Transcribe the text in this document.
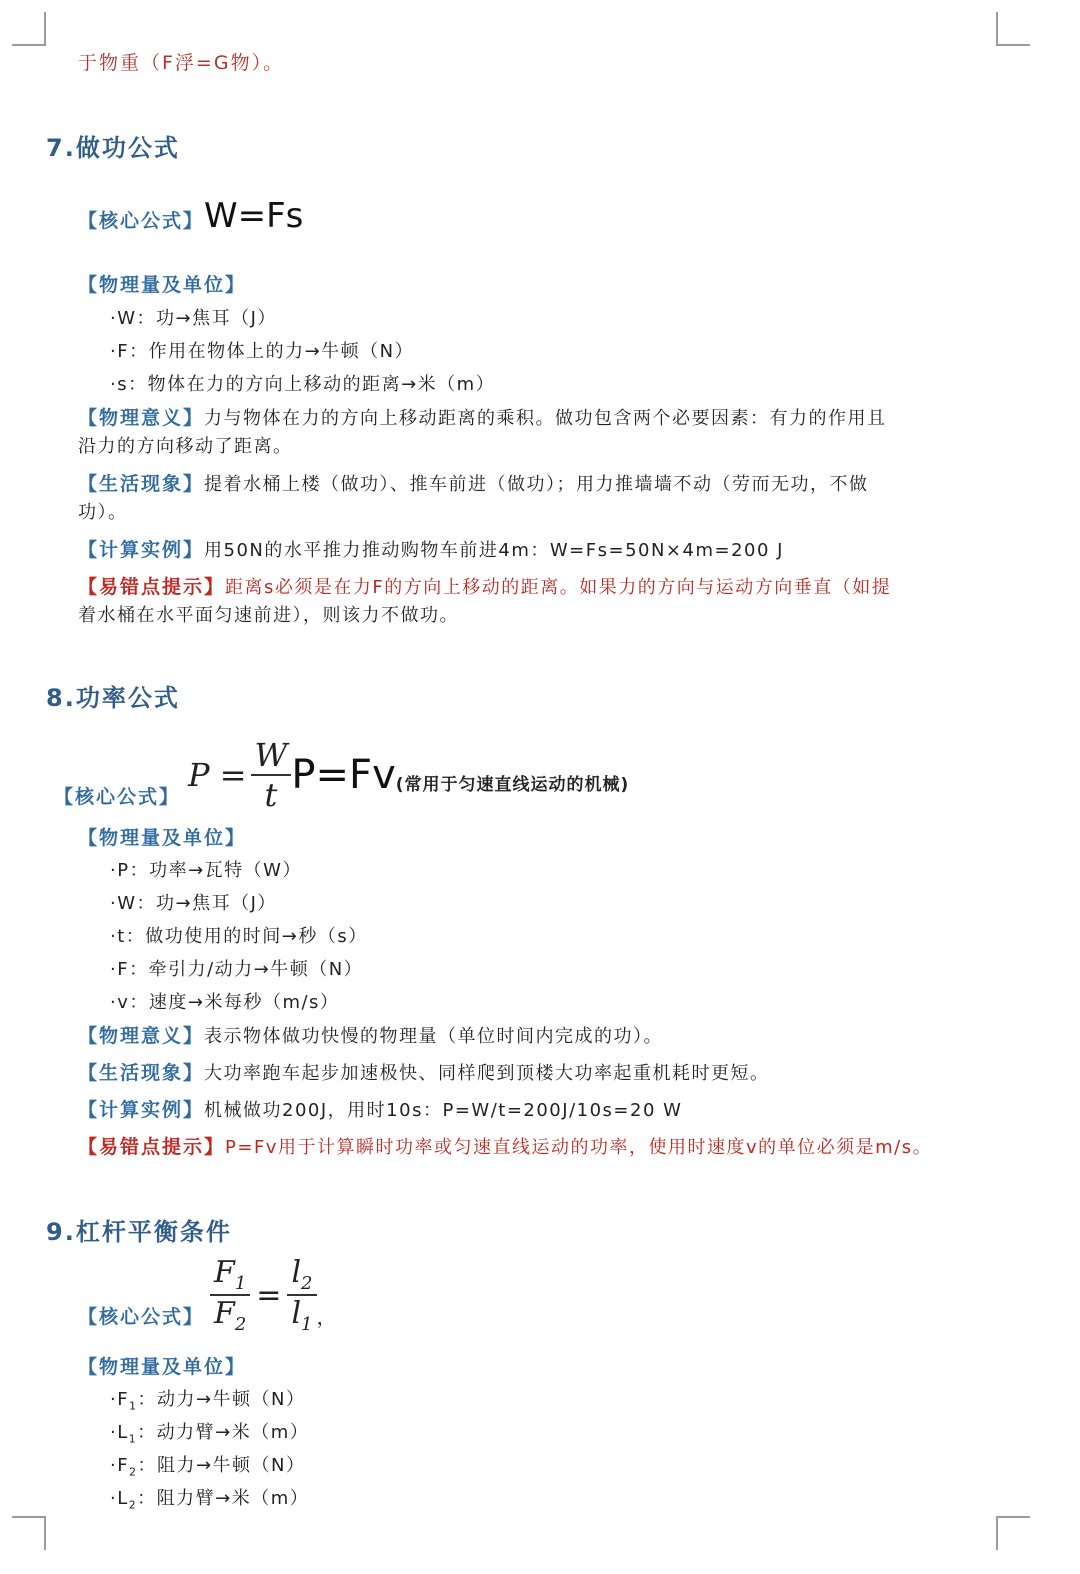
于物重（F浮=G物）。
7.做功公式
【核心公式】W=Fs
【物理量及单位】
·W：功→焦耳（J）
·F：作用在物体上的力→牛顿（N）
·s：物体在力的方向上移动的距离→米（m）
【物理意义】力与物体在力的方向上移动距离的乘积。做功包含两个必要因素：有力的作用且
沿力的方向移动了距离。
【生活现象】提着水桶上楼（做功）、推车前进（做功）；用力推墙墙不动（劳而无功，不做
功）。
【计算实例】用50N的水平推力推动购物车前进4m：W=Fs=50N×4m=200 J
【易错点提示】距离s必须是在力F的方向上移动的距离。如果力的方向与运动方向垂直（如提
着水桶在水平面匀速前进），则该力不做功。
8.功率公式
【核心公式】
$P = \frac{W}{t} P=Fv$ (常用于匀速直线运动的机械)
【物理量及单位】
·P：功率→瓦特（W）
·W：功→焦耳（J）
·t：做功使用的时间→秒（s）
·F：牵引力/动力→牛顿（N）
·v：速度→米每秒（m/s）
【物理意义】表示物体做功快慢的物理量（单位时间内完成的功）。
【生活现象】大功率跑车起步加速极快、同样爬到顶楼大功率起重机耗时更短。
【计算实例】机械做功200J，用时10s：P=W/t=200J/10s=20 W
【易错点提示】P=Fv用于计算瞬时功率或匀速直线运动的功率，使用时速度v的单位必须是m/s。
9.杠杆平衡条件
【核心公式】 $\frac{F_1}{F_2} = \frac{l_2}{l_1}$ ，
【物理量及单位】
$\cdot F_1$：动力→牛顿（N）
$\cdot L_1$：动力臂→米（m）
$\cdot F_2$：阻力→牛顿（N）
$\cdot L_2$：阻力臂→米（m）
